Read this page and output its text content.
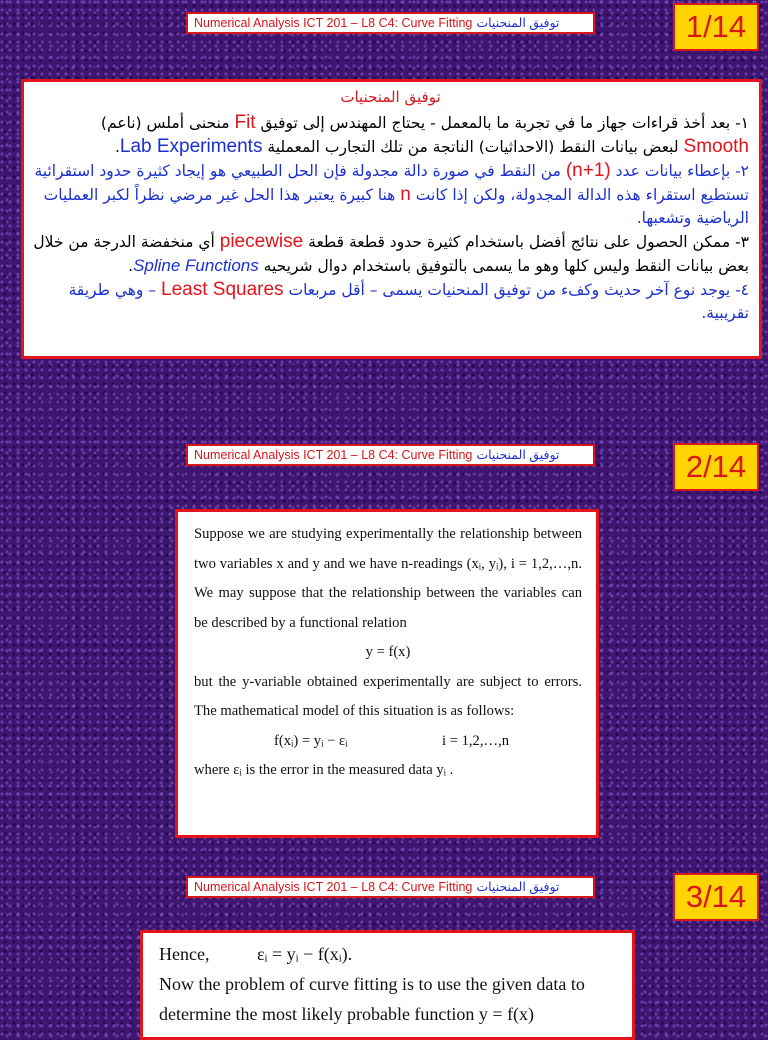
Numerical Analysis ICT 201 – L8 C4: Curve Fitting توفيق المنحنيات	1/14
توفيق المنحنيات

١- بعد أخذ قراءات جهاز ما في تجربة ما بالمعمل - يحتاج المهندس إلى توفيق Fit منحنى أملس (ناعم) Smooth لبعض بيانات النقط (الاحداثيات) الناتجة من تلك التجارب المعملية Lab Experiments.

٢- بإعطاء بيانات عدد (n+1) من النقط في صورة دالة مجدولة فإن الحل الطبيعي هو إيجاد كثيرة حدود استقرائية تستطيع استقراء هذه الدالة المجدولة، ولكن إذا كانت n هنا كبيرة يعتبر هذا الحل غير مرضي نظراً لكبر العمليات الرياضية وتشعبها.

٣- ممكن الحصول على نتائج أفضل باستخدام كثيرة حدود قطعة قطعة piecewise أي منخفضة الدرجة من خلال بعض بيانات النقط وليس كلها وهو ما يسمى بالتوفيق باستخدام دوال شريحيه Spline Functions.

٤- يوجد نوع آخر حديث وكفء من توفيق المنحنيات يسمى – أقل مربعات Least Squares – وهي طريقة تقريبية.

Numerical Analysis ICT 201 – L8 C4: Curve Fitting توفيق المنحنيات	2/14

Suppose we are studying experimentally the relationship between two variables x and y and we have n-readings (xᵢ, yᵢ), i = 1,2,…,n. We may suppose that the relationship between the variables can be described by a functional relation

y = f(x)

but the y-variable obtained experimentally are subject to errors. The mathematical model of this situation is as follows:

f(xᵢ) = yᵢ − εᵢ	i = 1,2,…,n

where εᵢ is the error in the measured data yᵢ .

Numerical Analysis ICT 201 – L8 C4: Curve Fitting توفيق المنحنيات	3/14
Hence,	εᵢ = yᵢ − f(xᵢ).

Now the problem of curve fitting is to use the given data to

determine the most likely probable function y = f(x)
